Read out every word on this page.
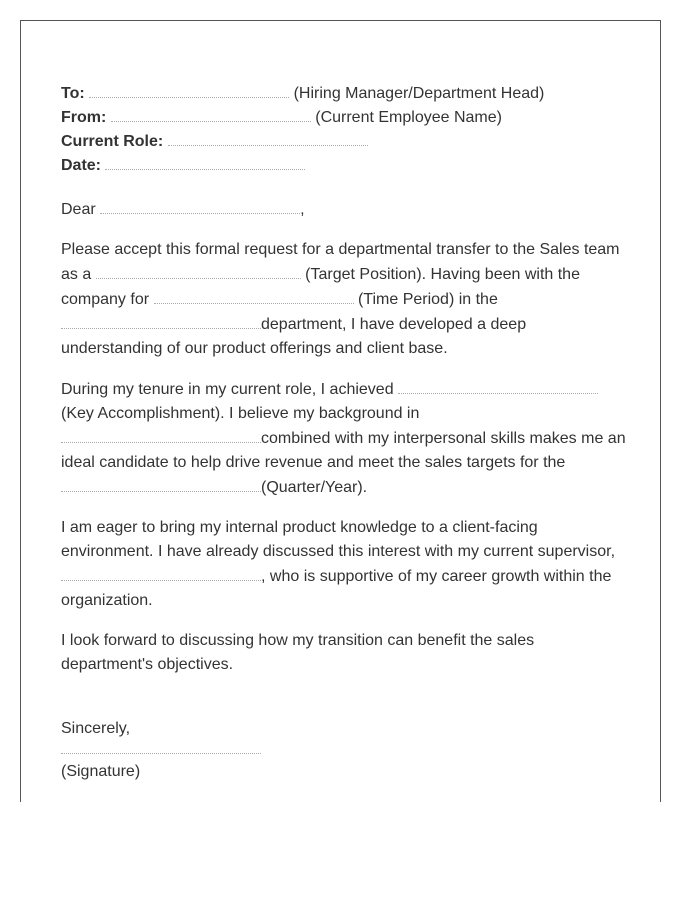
To:	(Hiring Manager/Department Head)
From:	(Current Employee Name)
Current Role:
Date:
Dear	,

Please accept this formal request for a departmental transfer to the Sales team as a	(Target Position). Having been with the company for	(Time Period) in the
department, I have developed a deep understanding of our product offerings and client base.

During my tenure in my current role, I achieved  (Key Accomplishment). I believe my background in
combined with my interpersonal skills makes me an ideal candidate to help drive revenue and meet the sales targets for the
(Quarter/Year).

I am eager to bring my internal product knowledge to a client-facing environment. I have already discussed this interest with my current supervisor,
, who is supportive of my career growth within the organization.

I look forward to discussing how my transition can benefit the sales department's objectives.

Sincerely,
(Signature)
